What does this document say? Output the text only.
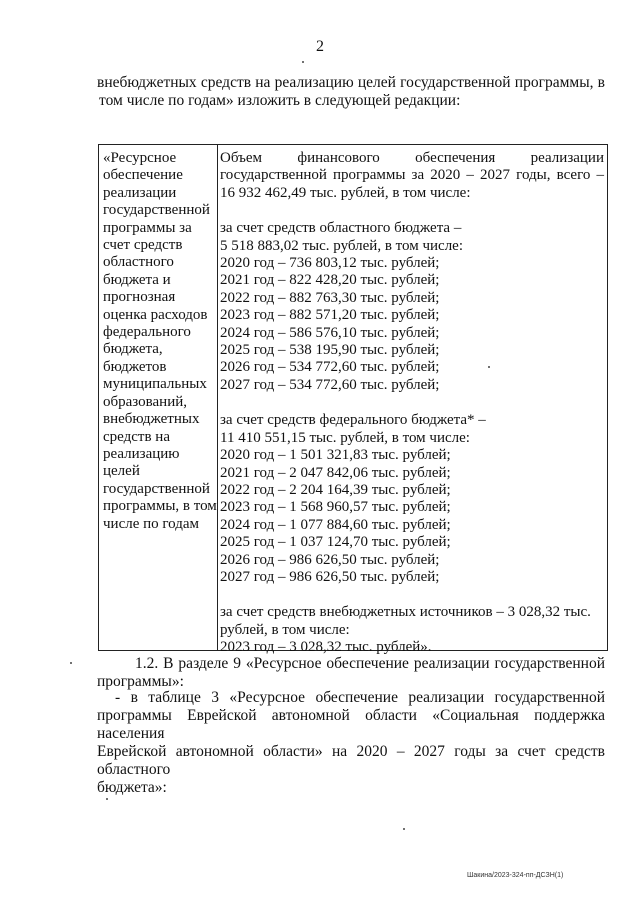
2
внебюджетных средств на реализацию целей государственной программы, в
том числе по годам» изложить в следующей редакции:
«Ресурсное
обеспечение
реализации
государственной
программы за
счет средств
областного
бюджета и
прогнозная
оценка расходов
федерального
бюджета,
бюджетов
муниципальных
образований,
внебюджетных
средств на
реализацию
целей
государственной
программы, в том
числе по годам
Объем финансового обеспечения реализации
государственной программы за 2020 – 2027 годы, всего –
16 932 462,49 тыс. рублей, в том числе:
за счет средств областного бюджета –
5 518 883,02 тыс. рублей, в том числе:
2020 год – 736 803,12 тыс. рублей;
2021 год – 822 428,20 тыс. рублей;
2022 год – 882 763,30 тыс. рублей;
2023 год – 882 571,20 тыс. рублей;
2024 год – 586 576,10 тыс. рублей;
2025 год – 538 195,90 тыс. рублей;
2026 год – 534 772,60 тыс. рублей;
2027 год – 534 772,60 тыс. рублей;
за счет средств федерального бюджета* –
11 410 551,15 тыс. рублей, в том числе:
2020 год – 1 501 321,83 тыс. рублей;
2021 год – 2 047 842,06 тыс. рублей;
2022 год – 2 204 164,39 тыс. рублей;
2023 год – 1 568 960,57 тыс. рублей;
2024 год – 1 077 884,60 тыс. рублей;
2025 год – 1 037 124,70 тыс. рублей;
2026 год – 986 626,50 тыс. рублей;
2027 год – 986 626,50 тыс. рублей;
за счет средств внебюджетных источников – 3 028,32 тыс.
рублей, в том числе:
2023 год – 3 028,32 тыс. рублей».
1.2. В разделе 9 «Ресурсное обеспечение реализации государственной
программы»:
- в таблице 3 «Ресурсное обеспечение реализации государственной
программы Еврейской автономной области «Социальная поддержка населения
Еврейской автономной области» на 2020 – 2027 годы за счет средств областного
бюджета»:
Шакина/2023-324-пп-ДСЗН(1)
